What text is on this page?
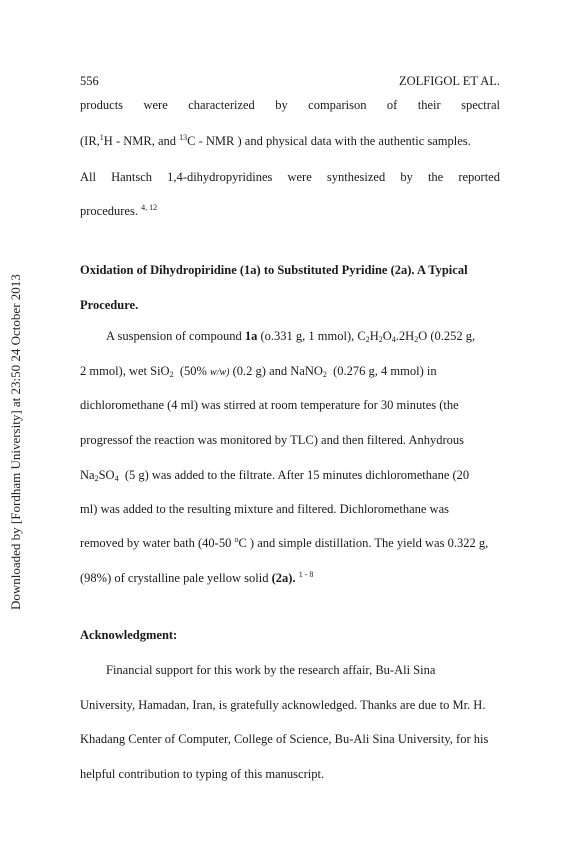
Downloaded by [Fordham University] at 23:50 24 October 2013
556	ZOLFIGOL ET AL.
products were characterized by comparison of their spectral
(IR,$^1$H - NMR, and $^{13}$C - NMR ) and physical data with the authentic samples.
All Hantsch 1,4-dihydropyridines were synthesized by the reported
procedures. $^{4, 12}$
Oxidation of Dihydropiridine (1a) to Substituted Pyridine (2a). A Typical
Procedure.
A suspension of compound 1a (o.331 g, 1 mmol), $C_2H_2O_4.2H_2O$ (0.252 g,
2 mmol), wet SiO$_2$ (50% w/w) (0.2 g) and NaNO$_2$ (0.276 g, 4 mmol) in
dichloromethane (4 ml) was stirred at room temperature for 30 minutes (the
progressof the reaction was monitored by TLC) and then filtered. Anhydrous
$Na_2SO_4$ (5 g) was added to the filtrate. After 15 minutes dichloromethane (20
ml) was added to the resulting mixture and filtered. Dichloromethane was
removed by water bath (40-50 $^o$C ) and simple distillation. The yield was 0.322 g,
(98%) of crystalline pale yellow solid (2a). $^{1 - 8}$
Acknowledgment:
Financial support for this work by the research affair, Bu-Ali Sina
University, Hamadan, Iran, is gratefully acknowledged. Thanks are due to Mr. H.
Khadang Center of Computer, College of Science, Bu-Ali Sina University, for his
helpful contribution to typing of this manuscript.
